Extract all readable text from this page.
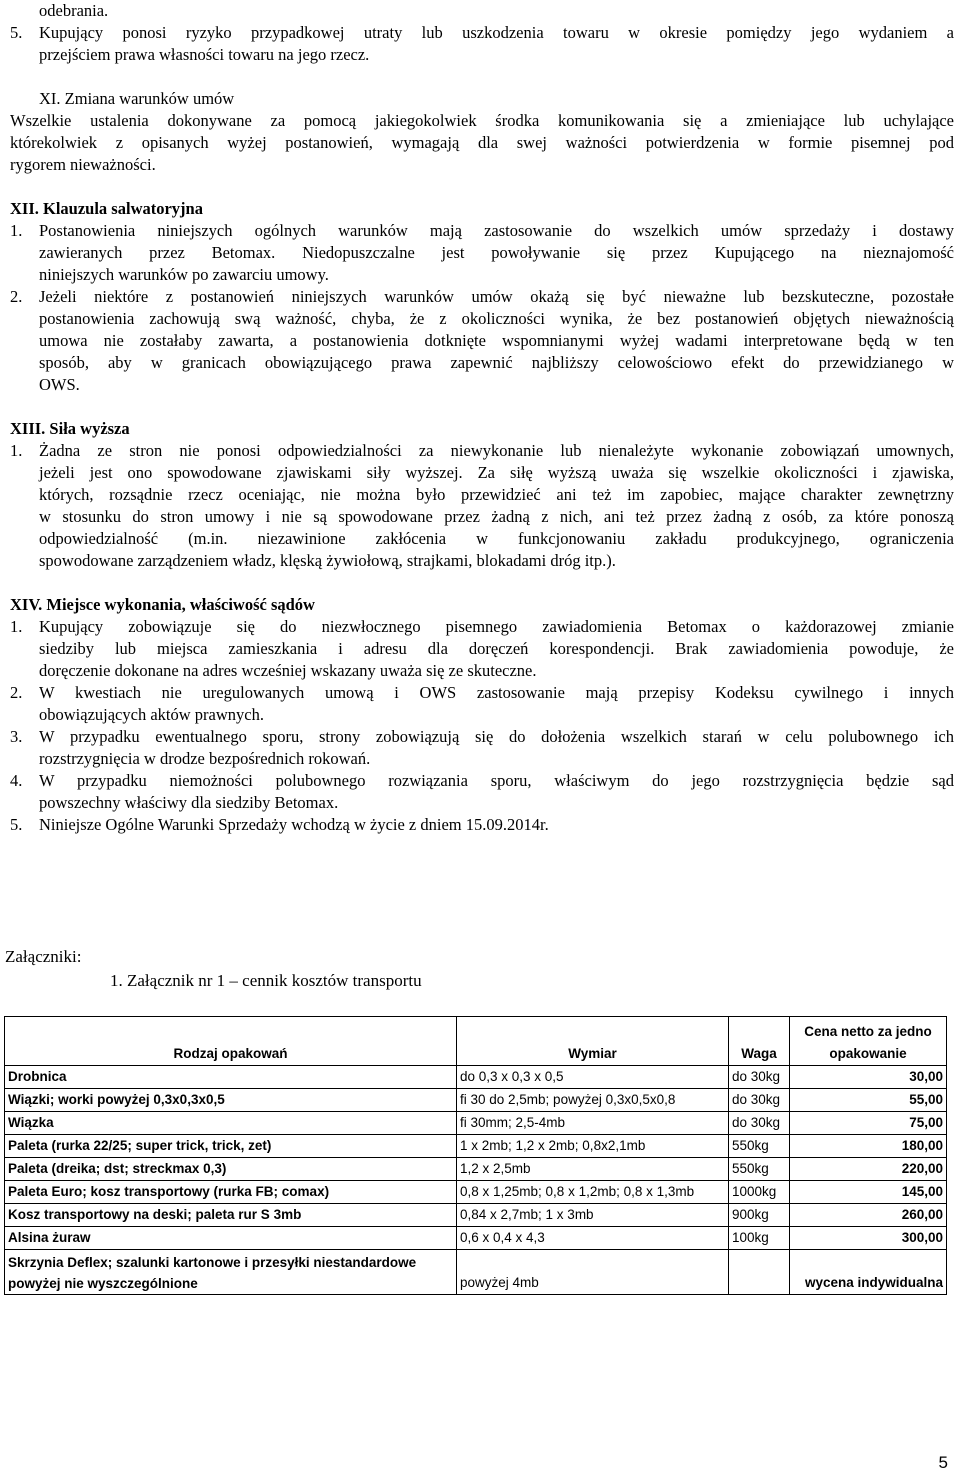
odebrania.
5.	Kupujący ponosi ryzyko przypadkowej utraty lub uszkodzenia towaru w okresie pomiędzy jego wydaniem a
przejściem prawa własności towaru na jego rzecz.
XI. Zmiana warunków umów
Wszelkie ustalenia dokonywane za pomocą jakiegokolwiek środka komunikowania się a zmieniające lub uchylające
którekolwiek z opisanych wyżej postanowień, wymagają dla swej ważności potwierdzenia w formie pisemnej pod
rygorem nieważności.
XII. Klauzula salwatoryjna
1.	Postanowienia niniejszych ogólnych warunków mają zastosowanie do wszelkich umów sprzedaży i dostawy
zawieranych przez Betomax. Niedopuszczalne jest powoływanie się przez Kupującego na nieznajomość
niniejszych warunków po zawarciu umowy.
2.	Jeżeli niektóre z postanowień niniejszych warunków umów okażą się być nieważne lub bezskuteczne, pozostałe
postanowienia zachowują swą ważność, chyba, że z okoliczności wynika, że bez postanowień objętych nieważnością
umowa nie zostałaby zawarta, a postanowienia dotknięte wspomnianymi wyżej wadami interpretowane będą w ten
sposób, aby w granicach obowiązującego prawa zapewnić najbliższy celowościowo efekt do przewidzianego w
OWS.
XIII. Siła wyższa
1.	Żadna ze stron nie ponosi odpowiedzialności za niewykonanie lub nienależyte wykonanie zobowiązań umownych,
jeżeli jest ono spowodowane zjawiskami siły wyższej. Za siłę wyższą uważa się wszelkie okoliczności i zjawiska,
których, rozsądnie rzecz oceniając, nie można było przewidzieć ani też im zapobiec, mające charakter zewnętrzny
w stosunku do stron umowy i nie są spowodowane przez żadną z nich, ani też przez żadną z osób, za które ponoszą
odpowiedzialność (m.in. niezawinione zakłócenia w funkcjonowaniu zakładu produkcyjnego, ograniczenia
spowodowane zarządzeniem władz, klęską żywiołową, strajkami, blokadami dróg itp.).
XIV. Miejsce wykonania, właściwość sądów
1.	Kupujący zobowiązuje się do niezwłocznego pisemnego zawiadomienia Betomax o każdorazowej zmianie
siedziby lub miejsca zamieszkania i adresu dla doręczeń korespondencji. Brak zawiadomienia powoduje, że
doręczenie dokonane na adres wcześniej wskazany uważa się ze skuteczne.
2.	W kwestiach nie uregulowanych umową i OWS zastosowanie mają przepisy Kodeksu cywilnego i innych
obowiązujących aktów prawnych.
3.	W przypadku ewentualnego sporu, strony zobowiązują się do dołożenia wszelkich starań w celu polubownego ich
rozstrzygnięcia w drodze bezpośrednich rokowań.
4.	W przypadku niemożności polubownego rozwiązania sporu, właściwym do jego rozstrzygnięcia będzie sąd
powszechny właściwy dla siedziby Betomax.
5.	Niniejsze Ogólne Warunki Sprzedaży wchodzą w życie z dniem 15.09.2014r.
Załączniki:
1. Załącznik nr 1 – cennik kosztów transportu
Rodzaj opakowań	Wymiar	Waga	Cena netto za jedno opakowanie
Drobnica	do 0,3 x 0,3 x 0,5	do 30kg	30,00
Wiązki; worki powyżej 0,3x0,3x0,5	fi 30 do 2,5mb; powyżej 0,3x0,5x0,8	do 30kg	55,00
Wiązka	fi 30mm; 2,5-4mb	do 30kg	75,00
Paleta (rurka 22/25; super trick, trick, zet)	1 x 2mb; 1,2 x 2mb; 0,8x2,1mb	550kg	180,00
Paleta (dreika; dst; streckmax 0,3)	1,2 x 2,5mb	550kg	220,00
Paleta Euro; kosz transportowy (rurka FB; comax)	0,8 x 1,25mb; 0,8 x 1,2mb; 0,8 x 1,3mb	1000kg	145,00
Kosz transportowy na deski; paleta rur S 3mb	0,84 x 2,7mb; 1 x 3mb	900kg	260,00
Alsina żuraw	0,6 x 0,4 x 4,3	100kg	300,00
Skrzynia Deflex; szalunki kartonowe i przesyłki niestandardowe powyżej nie wyszczególnione	powyżej 4mb		wycena indywidualna
5
